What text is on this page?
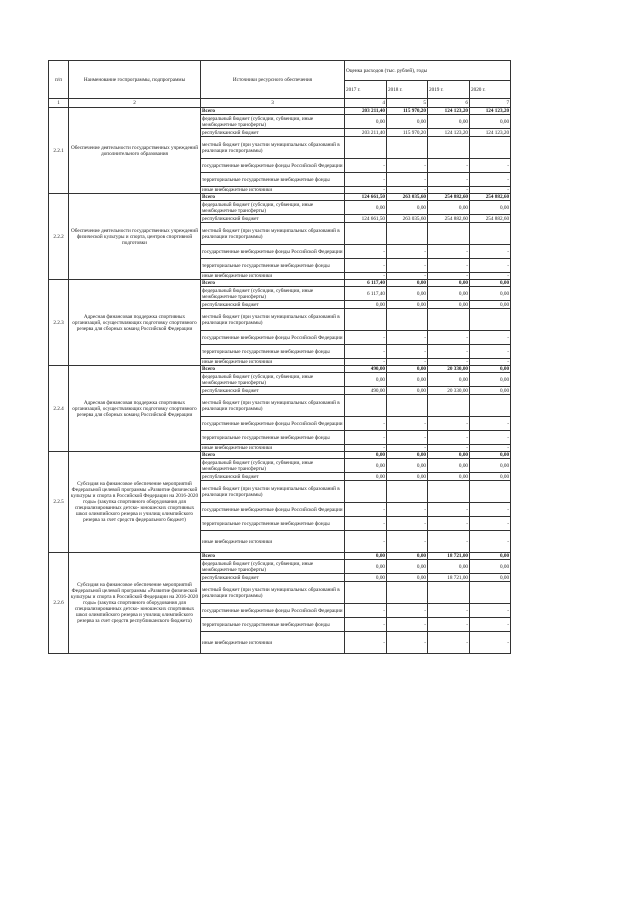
п/п	Наименование госпрограммы, подпрограммы	Источники ресурсного обеспечения	Оценка расходов (тыс. рублей), годы			
			2017 г.	2018 г.	2019 г.	2020 г.
1	2	3	4	5	6	7
2.2.1	Обеспечение деятельности государственных учреждений дополнительного образования	Всего	203 211,40	115 970,20	124 123,20	124 123,20
		федеральный бюджет (субсидии, субвенции, иные межбюджетные трансферты)	0,00	0,00	0,00	0,00
		республиканский бюджет	203 211,40	115 970,20	124 123,20	124 123,20
		местный бюджет (при участии муниципальных образований в реализации госпрограммы)				
		государственные внебюджетные фонды Российской Федерации	-	-	-	-
		территориальные государственные внебюджетные фонды	-	-	-	-
		иные внебюджетные источники	-	-	-	-
2.2.2	Обеспечение деятельности государственных учреждений физической культуры и спорта, центров спортивной подготовки	Всего	124 661,50	263 035,60	254 882,60	254 882,60
		федеральный бюджет (субсидии, субвенции, иные межбюджетные трансферты)	0,00	0,00	0,00	0,00
		республиканский бюджет	124 661,50	263 035,60	254 882,60	254 882,60
		местный бюджет (при участии муниципальных образований в реализации госпрограммы)				
		государственные внебюджетные фонды Российской Федерации	-	-	-	-
		территориальные государственные внебюджетные фонды	-	-	-	-
		иные внебюджетные источники	-	-	-	-
2.2.3	Адресная финансовая поддержка спортивных организаций, осуществляющих подготовку спортивного резерва для сборных команд Российской Федерации	Всего	6 117,40	0,00	0,00	0,00
		федеральный бюджет (субсидии, субвенции, иные межбюджетные трансферты)	6 117,40	0,00	0,00	0,00
		республиканский бюджет	0,00	0,00	0,00	0,00
		местный бюджет (при участии муниципальных образований в реализации госпрограммы)				
		государственные внебюджетные фонды Российской Федерации	-	-	-	-
		территориальные государственные внебюджетные фонды	-	-	-	-
		иные внебюджетные источники	-	-	-	-
2.2.4	Адресная финансовая поддержка спортивных организаций, осуществляющих подготовку спортивного резерва для сборных команд Российской Федерации	Всего	490,00	0,00	20 330,00	0,00
		федеральный бюджет (субсидии, субвенции, иные межбюджетные трансферты)	0,00	0,00	0,00	0,00
		республиканский бюджет	490,00	0,00	20 330,00	0,00
		местный бюджет (при участии муниципальных образований в реализации госпрограммы)				
		государственные внебюджетные фонды Российской Федерации	-	-	-	-
		территориальные государственные внебюджетные фонды	-	-	-	-
		иные внебюджетные источники	-	-	-	-
2.2.5	Субсидия на финансовое обеспечение мероприятий Федеральной целевой программы «Развитие физической культуры и спорта в Российской Федерации на 2016-2020 годы» (закупка спортивного оборудования для специализированных детско- юношеских спортивных школ олимпийского резерва и училищ олимпийского резерва за счет средств федерального бюджет)	Всего	0,00	0,00	0,00	0,00
		федеральный бюджет (субсидии, субвенции, иные межбюджетные трансферты)	0,00	0,00	0,00	0,00
		республиканский бюджет	0,00	0,00	0,00	0,00
		местный бюджет (при участии муниципальных образований в реализации госпрограммы)				
		государственные внебюджетные фонды Российской Федерации	-	-	-	-
		территориальные государственные внебюджетные фонды	-	-	-	-
		иные внебюджетные источники	-	-	-	-
2.2.6	Субсидия на финансовое обеспечение мероприятий Федеральной целевой программы «Развитие физической культуры и спорта в Российской Федерации на 2016-2020 годы» (закупка спортивного оборудования для специализированных детско- юношеских спортивных школ олимпийского резерва и училищ олимпийского резерва за счет средств республиканского бюджета)	Всего	0,00	0,00	18 721,00	0,00
		федеральный бюджет (субсидии, субвенции, иные межбюджетные трансферты)	0,00	0,00	0,00	0,00
		республиканский бюджет	0,00	0,00	18 721,00	0,00
		местный бюджет (при участии муниципальных образований в реализации госпрограммы)				
		государственные внебюджетные фонды Российской Федерации	-	-	-	-
		территориальные государственные внебюджетные фонды	-	-	-	-
		иные внебюджетные источники	-	-	-	-
